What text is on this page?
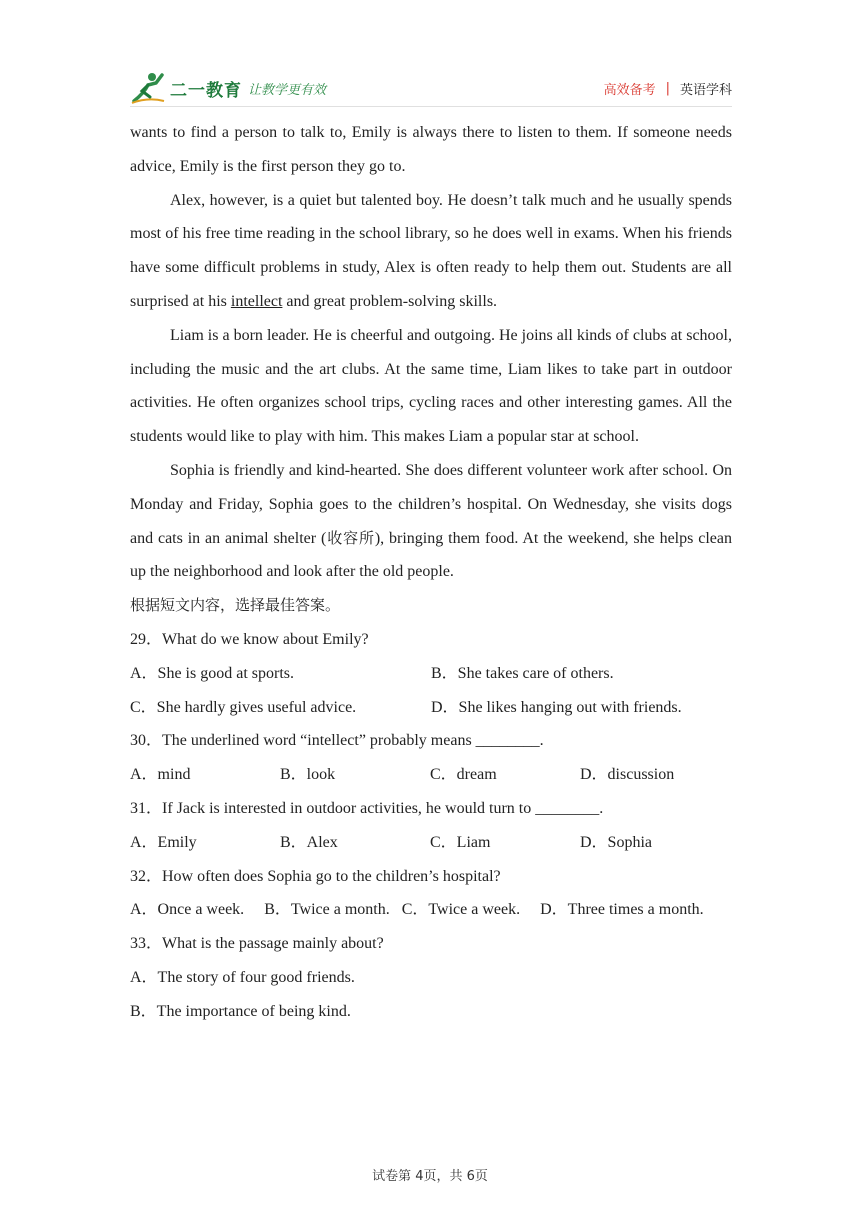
二一教育 让教学更有效	高效备考 | 英语学科

wants to find a person to talk to, Emily is always there to listen to them. If someone needs advice, Emily is the first person they go to.

Alex, however, is a quiet but talented boy. He doesn’t talk much and he usually spends most of his free time reading in the school library, so he does well in exams. When his friends have some difficult problems in study, Alex is often ready to help them out. Students are all surprised at his intellect and great problem-solving skills.

Liam is a born leader. He is cheerful and outgoing. He joins all kinds of clubs at school, including the music and the art clubs. At the same time, Liam likes to take part in outdoor activities. He often organizes school trips, cycling races and other interesting games. All the students would like to play with him. This makes Liam a popular star at school.

Sophia is friendly and kind-hearted. She does different volunteer work after school. On Monday and Friday, Sophia goes to the children’s hospital. On Wednesday, she visits dogs and cats in an animal shelter (收容所), bringing them food. At the weekend, she helps clean up the neighborhood and look after the old people.

根据短文内容，选择最佳答案。

29．What do we know about Emily?

A．She is good at sports.	B．She takes care of others.
C．She hardly gives useful advice.	D．She likes hanging out with friends.

30．The underlined word “intellect” probably means ________.

A．mind	B．look	C．dream	D．discussion

31．If Jack is interested in outdoor activities, he would turn to ________.

A．Emily	B．Alex	C．Liam	D．Sophia

32．How often does Sophia go to the children’s hospital?

A．Once a week. B．Twice a month. C．Twice a week. D．Three times a month.

33．What is the passage mainly about?

A．The story of four good friends.

B．The importance of being kind.

试卷第 4页，共 6页
